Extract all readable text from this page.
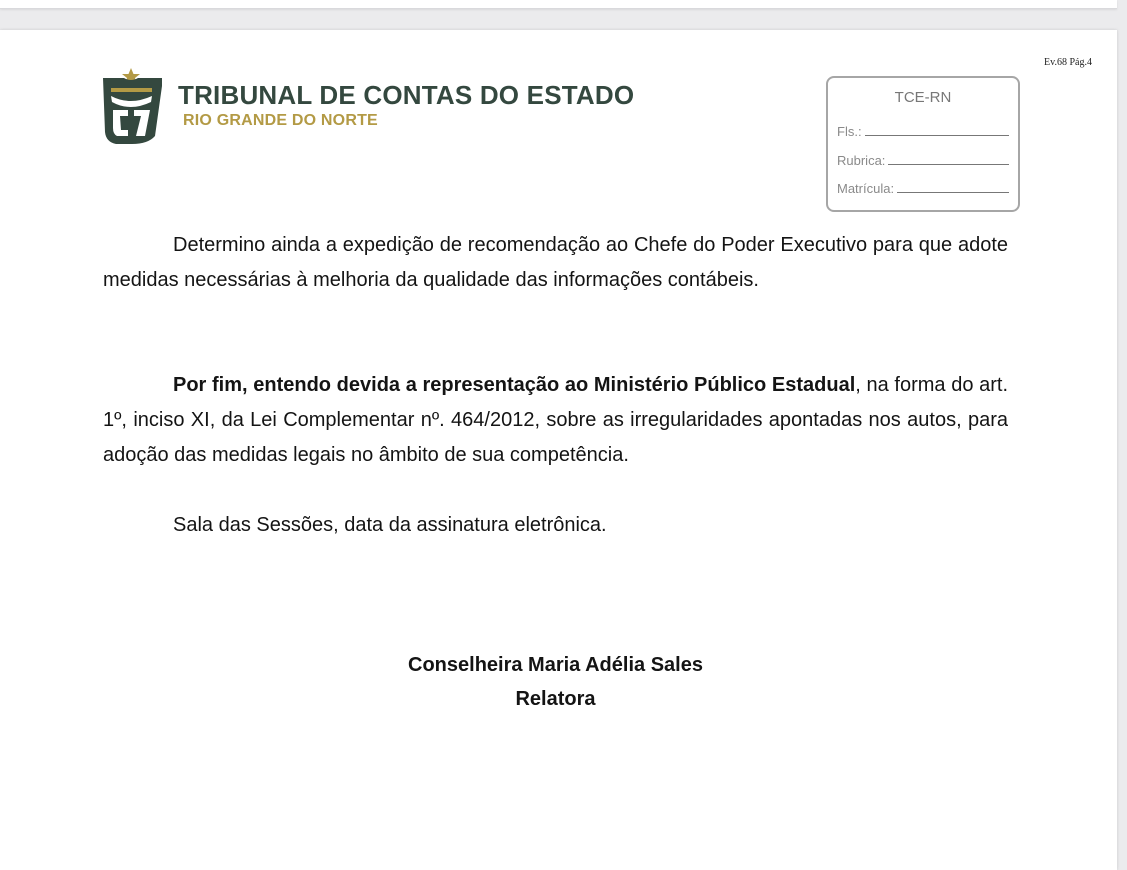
Ev.68 Pág.4
TRIBUNAL DE CONTAS DO ESTADO
RIO GRANDE DO NORTE
TCE-RN
Fls.:
Rubrica:
Matrícula:

Determino ainda a expedição de recomendação ao Chefe do Poder Executivo para que adote medidas necessárias à melhoria da qualidade das informações contábeis.

Por fim, entendo devida a representação ao Ministério Público Estadual, na forma do art. 1º, inciso XI, da Lei Complementar nº. 464/2012, sobre as irregularidades apontadas nos autos, para adoção das medidas legais no âmbito de sua competência.

Sala das Sessões, data da assinatura eletrônica.

Conselheira Maria Adélia Sales
Relatora
